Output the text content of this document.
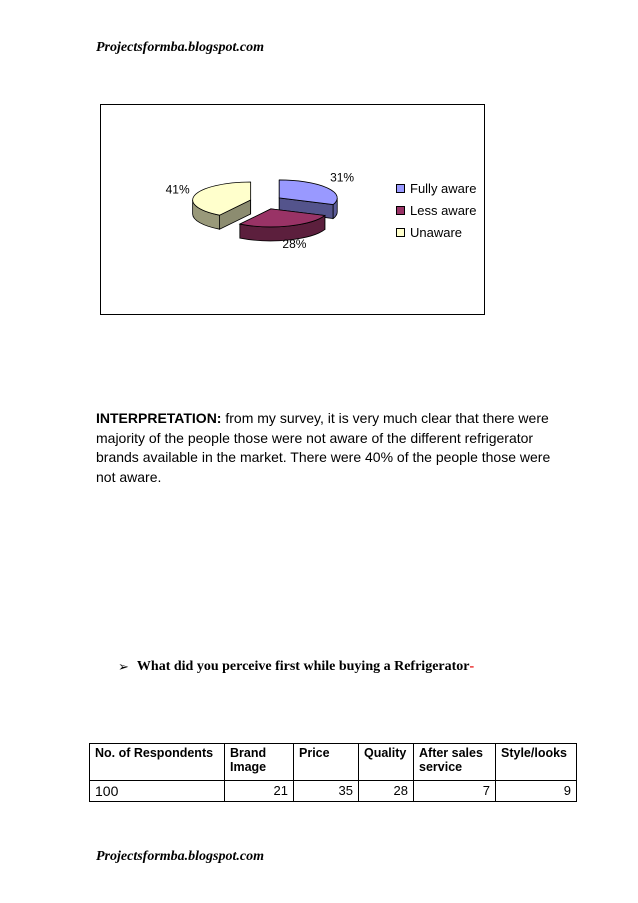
Projectsformba.blogspot.com
31%
28%
41%	Fully aware
Less aware
Unaware
INTERPRETATION: from my survey, it is very much clear that there were majority of the people those were not aware of the different refrigerator brands available in the market. There were 40% of the people those were not aware.
➢ What did you perceive first while buying a Refrigerator -
No. of Respondents	Brand Image	Price	Quality	After sales service	Style/looks
100	21	35	28	7	9
Projectsformba.blogspot.com
